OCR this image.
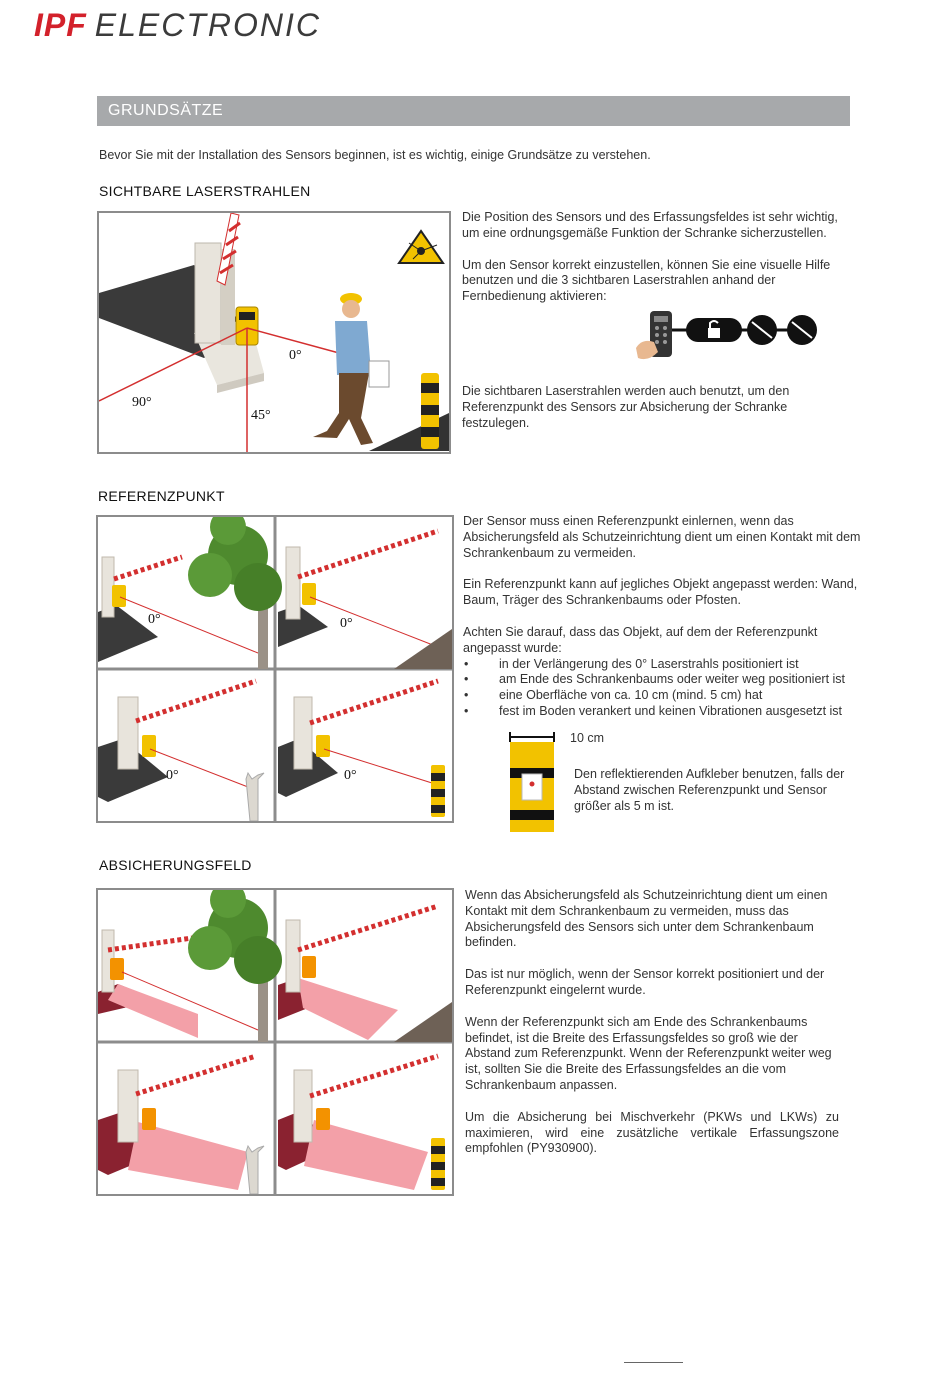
IPF ELECTRONIC
GRUNDSÄTZE
Bevor Sie mit der Installation des Sensors beginnen, ist es wichtig, einige Grundsätze zu verstehen.
SICHTBARE LASERSTRAHLEN
0°
90°
45°

Die Position des Sensors und des Erfassungsfeldes ist sehr wichtig, um eine ordnungsgemäße Funktion der Schranke sicherzustellen.

Um den Sensor korrekt einzustellen, können Sie eine visuelle Hilfe benutzen und die 3 sichtbaren Laserstrahlen anhand der Fernbedienung aktivieren:

Die sichtbaren Laserstrahlen werden auch benutzt, um den Referenzpunkt des Sensors zur Absicherung der Schranke festzulegen.
REFERENZPUNKT
0°	0°
0°	0°

Der Sensor muss einen Referenzpunkt einlernen, wenn das Absicherungsfeld als Schutzeinrichtung dient um einen Kontakt mit dem Schrankenbaum zu vermeiden.

Ein Referenzpunkt kann auf jegliches Objekt angepasst werden: Wand, Baum, Träger des Schrankenbaums oder Pfosten.

Achten Sie darauf, dass das Objekt, auf dem der Referenzpunkt angepasst wurde:

• in der Verlängerung des 0° Laserstrahls positioniert ist
• am Ende des Schrankenbaums oder weiter weg positioniert ist
• eine Oberfläche von ca. 10 cm (mind. 5 cm) hat
• fest im Boden verankert und keinen Vibrationen ausgesetzt ist
10 cm
Den reflektierenden Aufkleber benutzen, falls der Abstand zwischen Referenzpunkt und Sensor größer als 5 m ist.
ABSICHERUNGSFELD

Wenn das Absicherungsfeld als Schutzeinrichtung dient um einen Kontakt mit dem Schrankenbaum zu vermeiden, muss das Absicherungsfeld des Sensors sich unter dem Schrankenbaum befinden.

Das ist nur möglich, wenn der Sensor korrekt positioniert und der Referenzpunkt eingelernt wurde.

Wenn der Referenzpunkt sich am Ende des Schrankenbaums befindet, ist die Breite des Erfassungsfeldes so groß wie der Abstand zum Referenzpunkt. Wenn der Referenzpunkt weiter weg ist, sollten Sie die Breite des Erfassungsfeldes an die vom Schrankenbaum anpassen.

Um die Absicherung bei Mischverkehr (PKWs und LKWs) zu maximieren, wird eine zusätzliche vertikale Erfassungszone empfohlen (PY930900).
